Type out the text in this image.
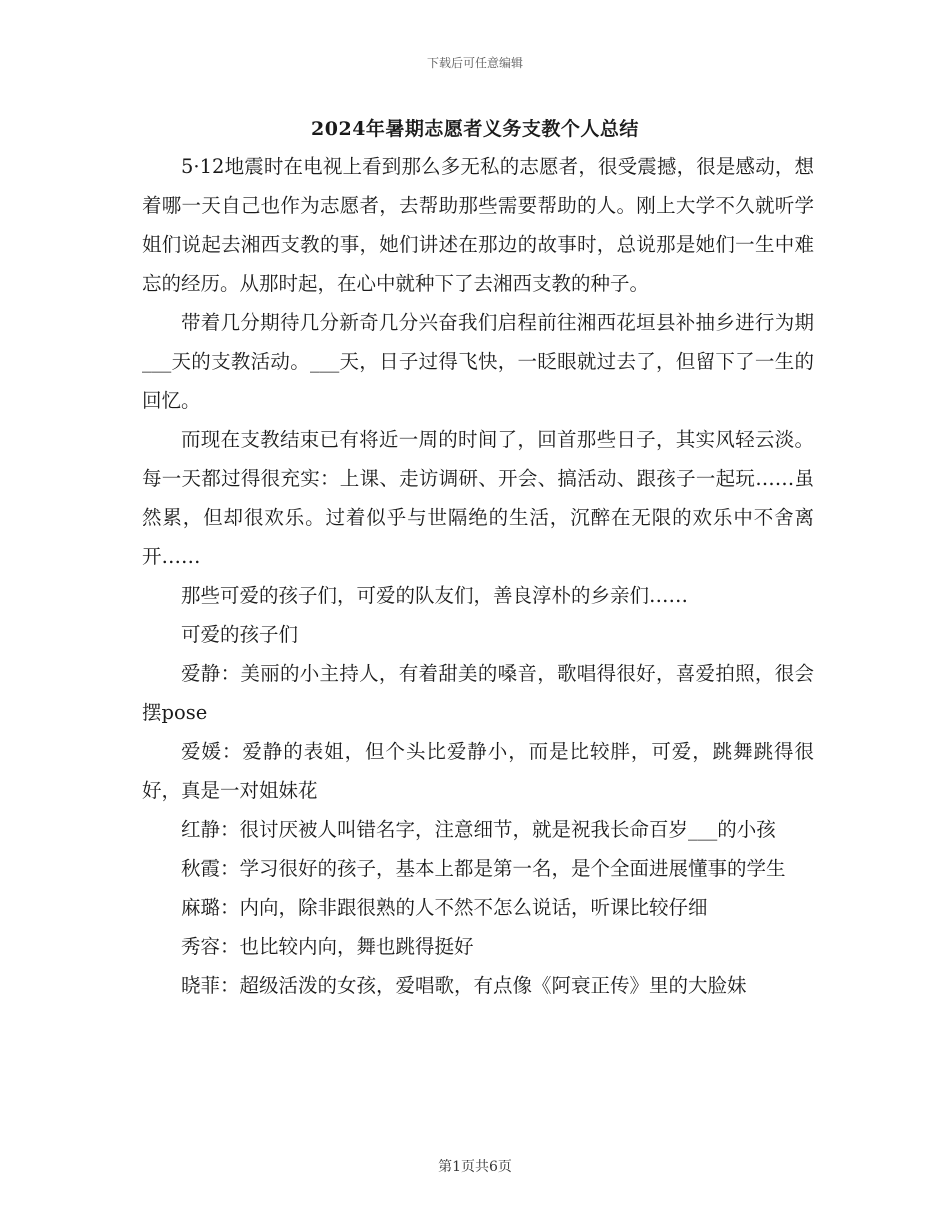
下载后可任意编辑
2024年暑期志愿者义务支教个人总结

5·12地震时在电视上看到那么多无私的志愿者，很受震撼，很是感动，想着哪一天自己也作为志愿者，去帮助那些需要帮助的人。刚上大学不久就听学姐们说起去湘西支教的事，她们讲述在那边的故事时，总说那是她们一生中难忘的经历。从那时起，在心中就种下了去湘西支教的种子。

带着几分期待几分新奇几分兴奋我们启程前往湘西花垣县补抽乡进行为期___天的支教活动。___天，日子过得飞快，一眨眼就过去了，但留下了一生的回忆。

而现在支教结束已有将近一周的时间了，回首那些日子，其实风轻云淡。每一天都过得很充实：上课、走访调研、开会、搞活动、跟孩子一起玩……虽然累，但却很欢乐。过着似乎与世隔绝的生活，沉醉在无限的欢乐中不舍离开……

那些可爱的孩子们，可爱的队友们，善良淳朴的乡亲们……

可爱的孩子们

爱静：美丽的小主持人，有着甜美的嗓音，歌唱得很好，喜爱拍照，很会摆pose

爱媛：爱静的表姐，但个头比爱静小，而是比较胖，可爱，跳舞跳得很好，真是一对姐妹花

红静：很讨厌被人叫错名字，注意细节，就是祝我长命百岁___的小孩

秋霞：学习很好的孩子，基本上都是第一名，是个全面进展懂事的学生

麻璐：内向，除非跟很熟的人不然不怎么说话，听课比较仔细

秀容：也比较内向，舞也跳得挺好

晓菲：超级活泼的女孩，爱唱歌，有点像《阿衰正传》里的大脸妹

第1页共6页
